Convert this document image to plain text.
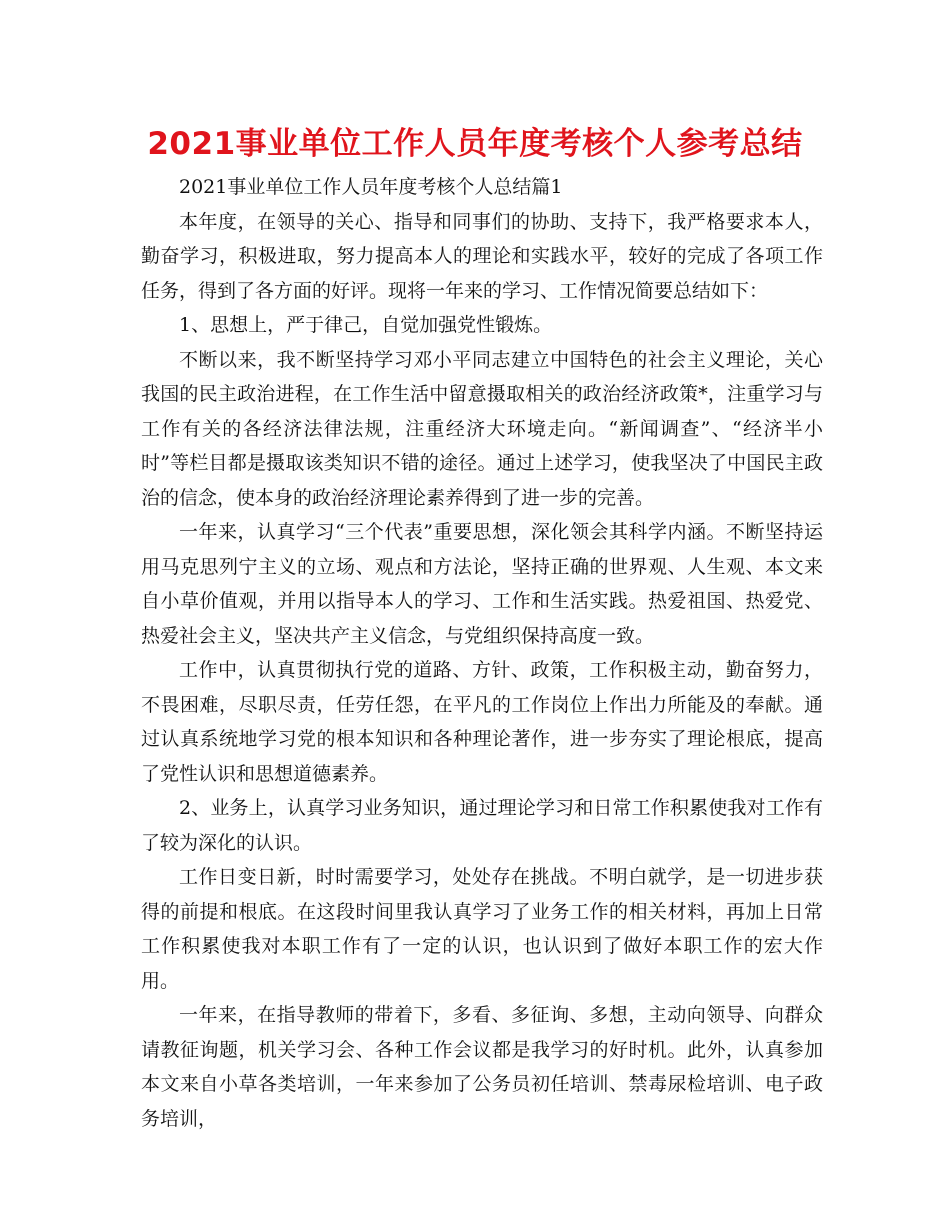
2021事业单位工作人员年度考核个人参考总结

2021事业单位工作人员年度考核个人总结篇1

本年度，在领导的关心、指导和同事们的协助、支持下，我严格要求本人，勤奋学习，积极进取，努力提高本人的理论和实践水平，较好的完成了各项工作任务，得到了各方面的好评。现将一年来的学习、工作情况简要总结如下：

1、思想上，严于律己，自觉加强党性锻炼。

不断以来，我不断坚持学习邓小平同志建立中国特色的社会主义理论，关心我国的民主政治进程，在工作生活中留意摄取相关的政治经济政策*，注重学习与工作有关的各经济法律法规，注重经济大环境走向。“新闻调查”、“经济半小时”等栏目都是摄取该类知识不错的途径。通过上述学习，使我坚决了中国民主政治的信念，使本身的政治经济理论素养得到了进一步的完善。

一年来，认真学习“三个代表”重要思想，深化领会其科学内涵。不断坚持运用马克思列宁主义的立场、观点和方法论，坚持正确的世界观、人生观、本文来自小草价值观，并用以指导本人的学习、工作和生活实践。热爱祖国、热爱党、热爱社会主义，坚决共产主义信念，与党组织保持高度一致。

工作中，认真贯彻执行党的道路、方针、政策，工作积极主动，勤奋努力，不畏困难，尽职尽责，任劳任怨，在平凡的工作岗位上作出力所能及的奉献。通过认真系统地学习党的根本知识和各种理论著作，进一步夯实了理论根底，提高了党性认识和思想道德素养。

2、业务上，认真学习业务知识，通过理论学习和日常工作积累使我对工作有了较为深化的认识。

工作日变日新，时时需要学习，处处存在挑战。不明白就学，是一切进步获得的前提和根底。在这段时间里我认真学习了业务工作的相关材料，再加上日常工作积累使我对本职工作有了一定的认识，也认识到了做好本职工作的宏大作用。

一年来，在指导教师的带着下，多看、多征询、多想，主动向领导、向群众请教征询题，机关学习会、各种工作会议都是我学习的好时机。此外，认真参加本文来自小草各类培训，一年来参加了公务员初任培训、禁毒尿检培训、电子政务培训，
